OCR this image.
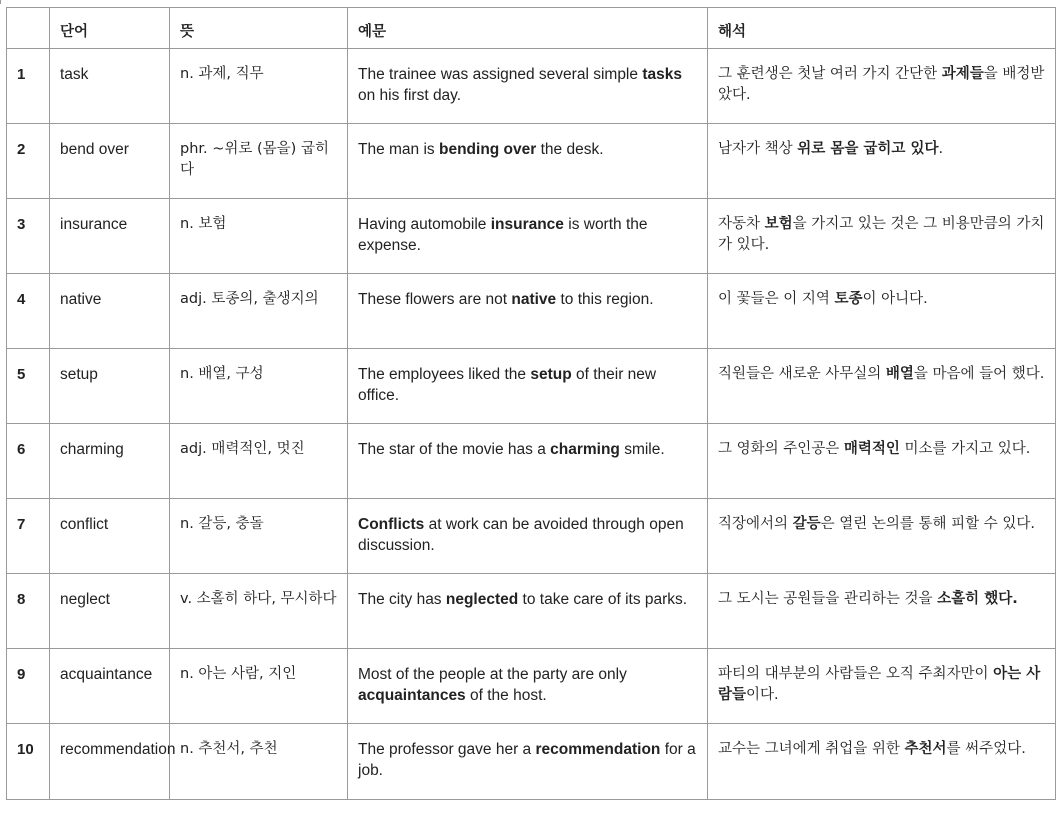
	단어	뜻	예문	해석
1	task	n. 과제, 직무	The trainee was assigned several simple tasks on his first day.	그 훈련생은 첫날 여러 가지 간단한 과제들을 배정받았다.
2	bend over	phr. ~위로 (몸을) 굽히다	The man is bending over the desk.	남자가 책상 위로 몸을 굽히고 있다.
3	insurance	n. 보험	Having automobile insurance is worth the expense.	자동차 보험을 가지고 있는 것은 그 비용만큼의 가치가 있다.
4	native	adj. 토종의, 출생지의	These flowers are not native to this region.	이 꽃들은 이 지역 토종이 아니다.
5	setup	n. 배열, 구성	The employees liked the setup of their new office.	직원들은 새로운 사무실의 배열을 마음에 들어 했다.
6	charming	adj. 매력적인, 멋진	The star of the movie has a charming smile.	그 영화의 주인공은 매력적인 미소를 가지고 있다.
7	conflict	n. 갈등, 충돌	Conflicts at work can be avoided through open discussion.	직장에서의 갈등은 열린 논의를 통해 피할 수 있다.
8	neglect	v. 소홀히 하다, 무시하다	The city has neglected to take care of its parks.	그 도시는 공원들을 관리하는 것을 소홀히 했다.
9	acquaintance	n. 아는 사람, 지인	Most of the people at the party are only acquaintances of the host.	파티의 대부분의 사람들은 오직 주최자만이 아는 사람들이다.
10	recommendation	n. 추천서, 추천	The professor gave her a recommendation for a job.	교수는 그녀에게 취업을 위한 추천서를 써주었다.
